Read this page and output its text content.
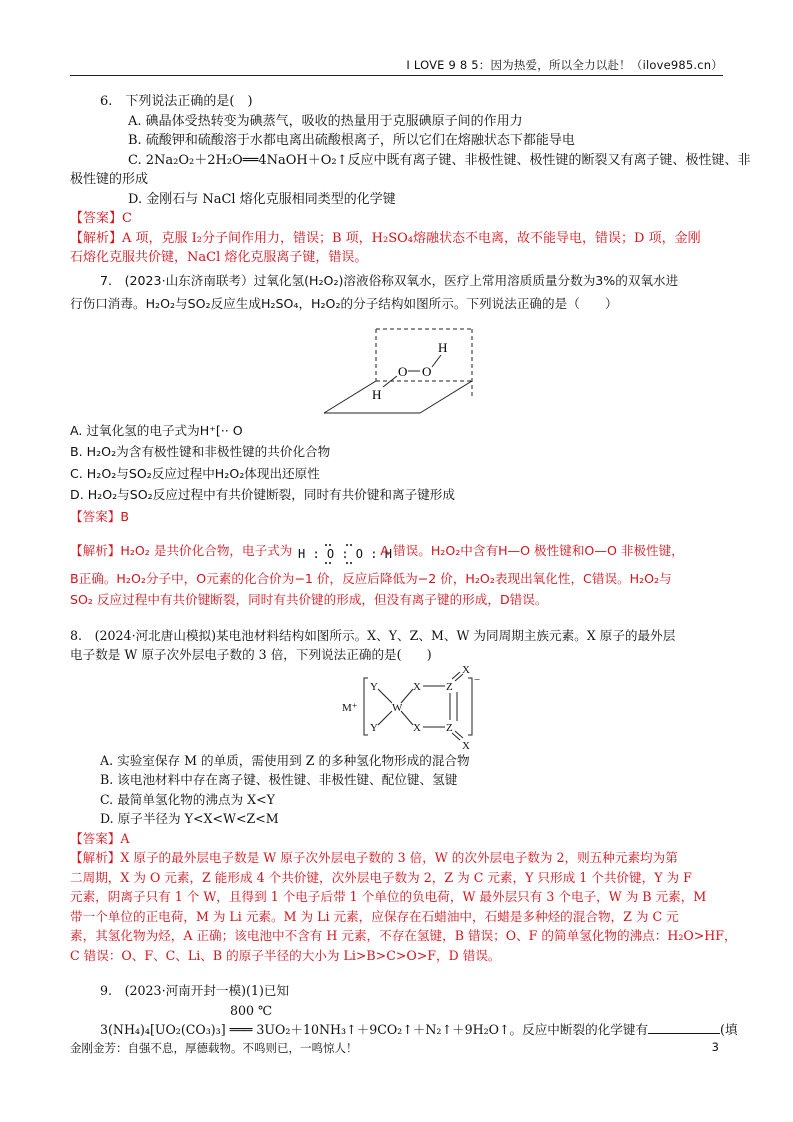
I LOVE 9 8 5：因为热爱，所以全力以赴！（ilove985.cn）

6.　下列说法正确的是(　)

A. 碘晶体受热转变为碘蒸气，吸收的热量用于克服碘原子间的作用力

B. 硫酸钾和硫酸溶于水都电离出硫酸根离子，所以它们在熔融状态下都能导电

C. 2Na₂O₂＋2H₂O══4NaOH＋O₂↑反应中既有离子键、非极性键、极性键的断裂又有离子键、极性键、非

极性键的形成

D. 金刚石与 NaCl 熔化克服相同类型的化学键

【答案】C

【解析】A 项，克服 I₂分子间作用力，错误；B 项，H₂SO₄熔融状态不电离，故不能导电，错误；D 项，金刚

石熔化克服共价键，NaCl 熔化克服离子键，错误。

7.　(2023·山东济南联考）过氧化氢(H₂O₂)溶液俗称双氧水，医疗上常用溶质质量分数为3%的双氧水进

行伤口消毒。H₂O₂与SO₂反应生成H₂SO₄，H₂O₂的分子结构如图所示。下列说法正确的是（　　）

H
O O
H

A. 过氧化氢的电子式为H⁺[·· O

B. H₂O₂为含有极性键和非极性键的共价化合物

C. H₂O₂与SO₂反应过程中H₂O₂体现出还原性

D. H₂O₂与SO₂反应过程中有共价键断裂，同时有共价键和离子键形成

【答案】B

【解析】H₂O₂ 是共价化合物，电子式为 H : O : O : H
A 错误。H₂O₂中含有H—O 极性键和O—O 非极性键，

B正确。H₂O₂分子中，O元素的化合价为−1 价，反应后降低为−2 价，H₂O₂表现出氧化性，C错误。H₂O₂与

SO₂ 反应过程中有共价键断裂，同时有共价键的形成，但没有离子键的形成，D错误。

8.　(2024·河北唐山模拟)某电池材料结构如图所示。X、Y、Z、M、W 为同周期主族元素。X 原子的最外层

电子数是 W 原子次外层电子数的 3 倍，下列说法正确的是(　　)

M⁺
Y
Y
W
X
X
Z
Z
X
X
−

A. 实验室保存 M 的单质，需使用到 Z 的多种氢化物形成的混合物

B. 该电池材料中存在离子键、极性键、非极性键、配位键、氢键

C. 最简单氢化物的沸点为 X<Y

D. 原子半径为 Y<X<W<Z<M

【答案】A

【解析】X 原子的最外层电子数是 W 原子次外层电子数的 3 倍，W 的次外层电子数为 2，则五种元素均为第

二周期，X 为 O 元素，Z 能形成 4 个共价键，次外层电子数为 2，Z 为 C 元素，Y 只形成 1 个共价键，Y 为 F

元素，阴离子只有 1 个 W，且得到 1 个电子后带 1 个单位的负电荷，W 最外层只有 3 个电子，W 为 B 元素，M

带一个单位的正电荷，M 为 Li 元素。M 为 Li 元素，应保存在石蜡油中，石蜡是多种烃的混合物，Z 为 C 元

素，其氢化物为烃，A 正确；该电池中不含有 H 元素，不存在氢键，B 错误；O、F 的简单氢化物的沸点：H₂O>HF，

C 错误：O、F、C、Li、B 的原子半径的大小为 Li>B>C>O>F，D 错误。

9.　(2023·河南开封一模)(1)已知

800 ℃

3(NH₄)₄[UO₂(CO₃)₃] ═══ 3UO₂＋10NH₃↑＋9CO₂↑＋N₂↑＋9H₂O↑。反应中断裂的化学键有	(填

金刚金芳：自强不息，厚德载物。不鸣则已，一鸣惊人！	3
